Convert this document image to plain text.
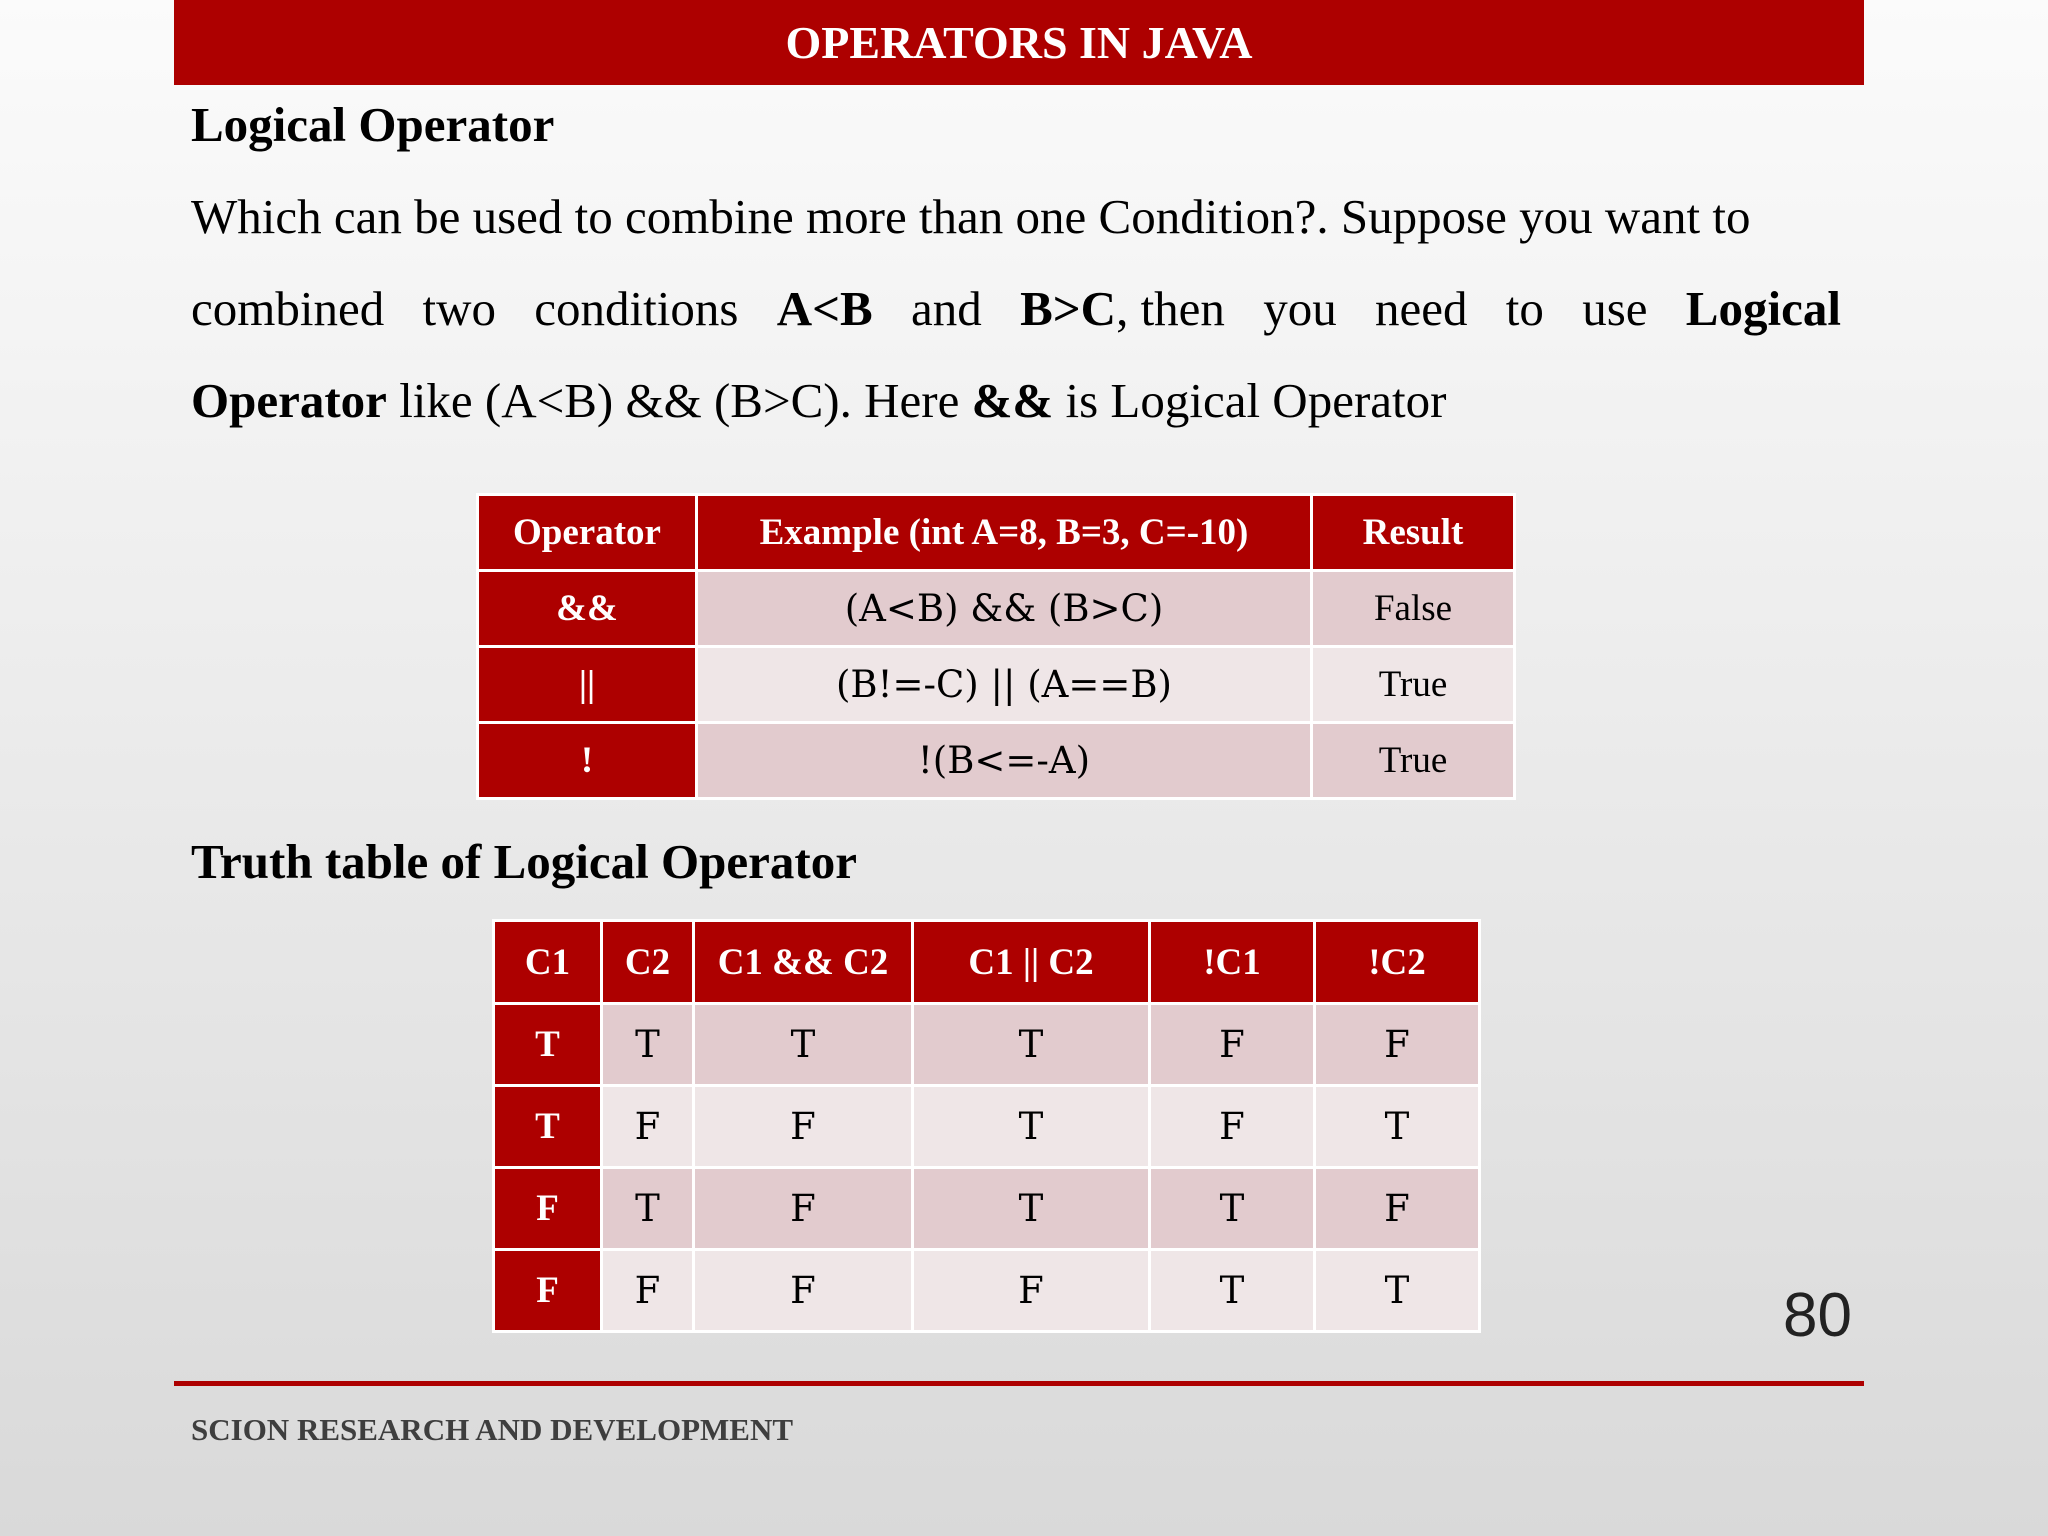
OPERATORS IN JAVA
Logical Operator
Which can be used to combine more than one Condition?. Suppose you want to
combined two conditions A<B and B>C, then you need to use Logical
Operator like (A<B) && (B>C). Here && is Logical Operator
Operator	Example (int A=8, B=3, C=-10)	Result
&&	(A<B) && (B>C)	False
||	(B!=-C) || (A==B)	True
!	!(B<=-A)	True
Truth table of Logical Operator
C1	C2	C1 && C2	C1 || C2	!C1	!C2
T	T	T	T	F	F
T	F	F	T	F	T
F	T	F	T	T	F
F	F	F	F	T	T	80
SCION RESEARCH AND DEVELOPMENT
